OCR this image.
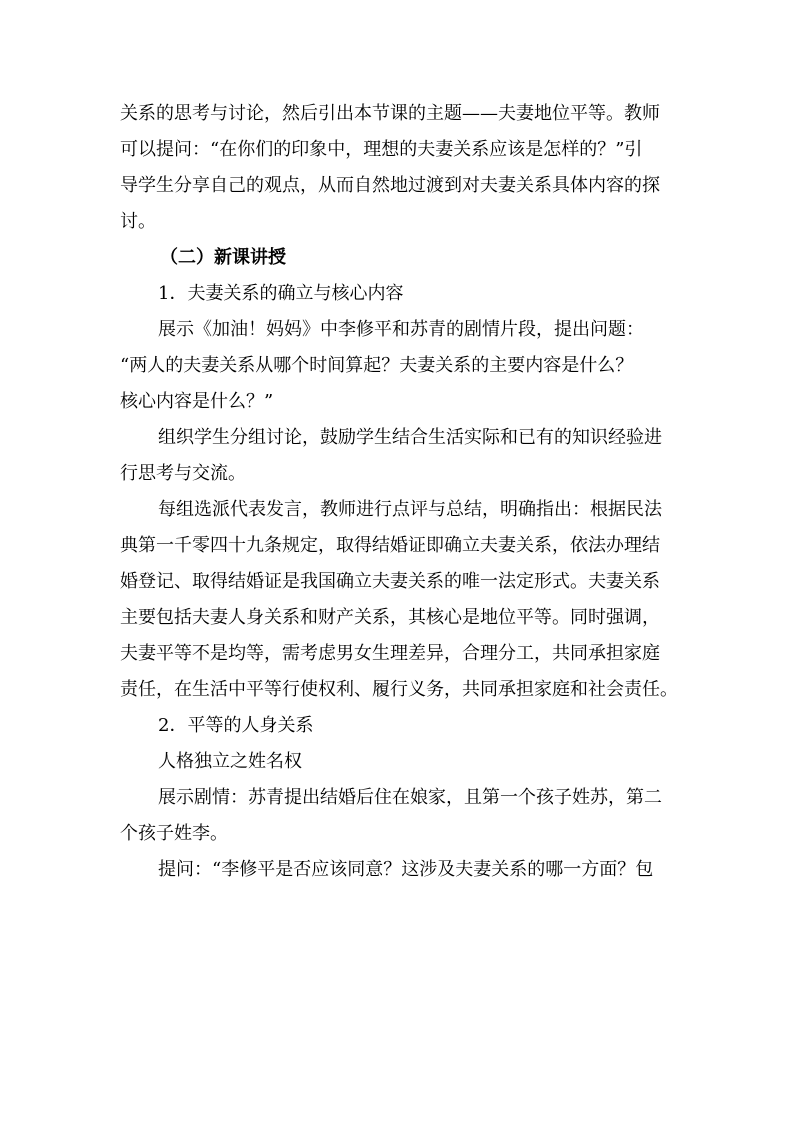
关系的思考与讨论，然后引出本节课的主题——夫妻地位平等。教师
可以提问：“在你们的印象中，理想的夫妻关系应该是怎样的？”引
导学生分享自己的观点，从而自然地过渡到对夫妻关系具体内容的探
讨。
（二）新课讲授
1．夫妻关系的确立与核心内容
展示《加油！妈妈》中李修平和苏青的剧情片段，提出问题：
“两人的夫妻关系从哪个时间算起？夫妻关系的主要内容是什么？
核心内容是什么？”
组织学生分组讨论，鼓励学生结合生活实际和已有的知识经验进
行思考与交流。
每组选派代表发言，教师进行点评与总结，明确指出：根据民法
典第一千零四十九条规定，取得结婚证即确立夫妻关系，依法办理结
婚登记、取得结婚证是我国确立夫妻关系的唯一法定形式。夫妻关系
主要包括夫妻人身关系和财产关系，其核心是地位平等。同时强调，
夫妻平等不是均等，需考虑男女生理差异，合理分工，共同承担家庭
责任，在生活中平等行使权利、履行义务，共同承担家庭和社会责任。
2．平等的人身关系
人格独立之姓名权
展示剧情：苏青提出结婚后住在娘家，且第一个孩子姓苏，第二
个孩子姓李。
提问：“李修平是否应该同意？这涉及夫妻关系的哪一方面？包
